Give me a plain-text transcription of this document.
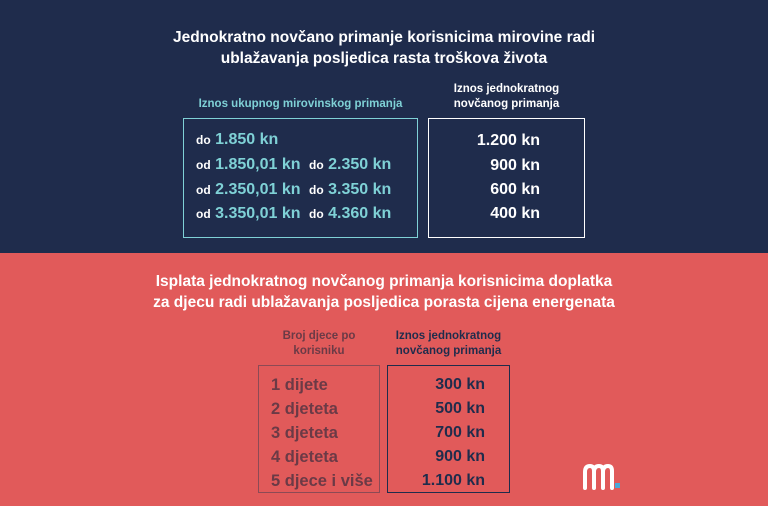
Jednokratno novčano primanje korisnicima mirovine radi
ublažavanja posljedica rasta troškova života
Iznos ukupnog mirovinskog primanja
Iznos jednokratnog
novčanog primanja
do 1.850 kn
od 1.850,01 kn do 2.350 kn
od 2.350,01 kn do 3.350 kn
od 3.350,01 kn do 4.360 kn
1.200 kn
900 kn
600 kn
400 kn
Isplata jednokratnog novčanog primanja korisnicima doplatka
za djecu radi ublažavanja posljedica porasta cijena energenata
Broj djece po
korisniku
Iznos jednokratnog
novčanog primanja
1 dijete
2 djeteta
3 djeteta
4 djeteta
5 djece i više
300 kn
500 kn
700 kn
900 kn
1.100 kn
